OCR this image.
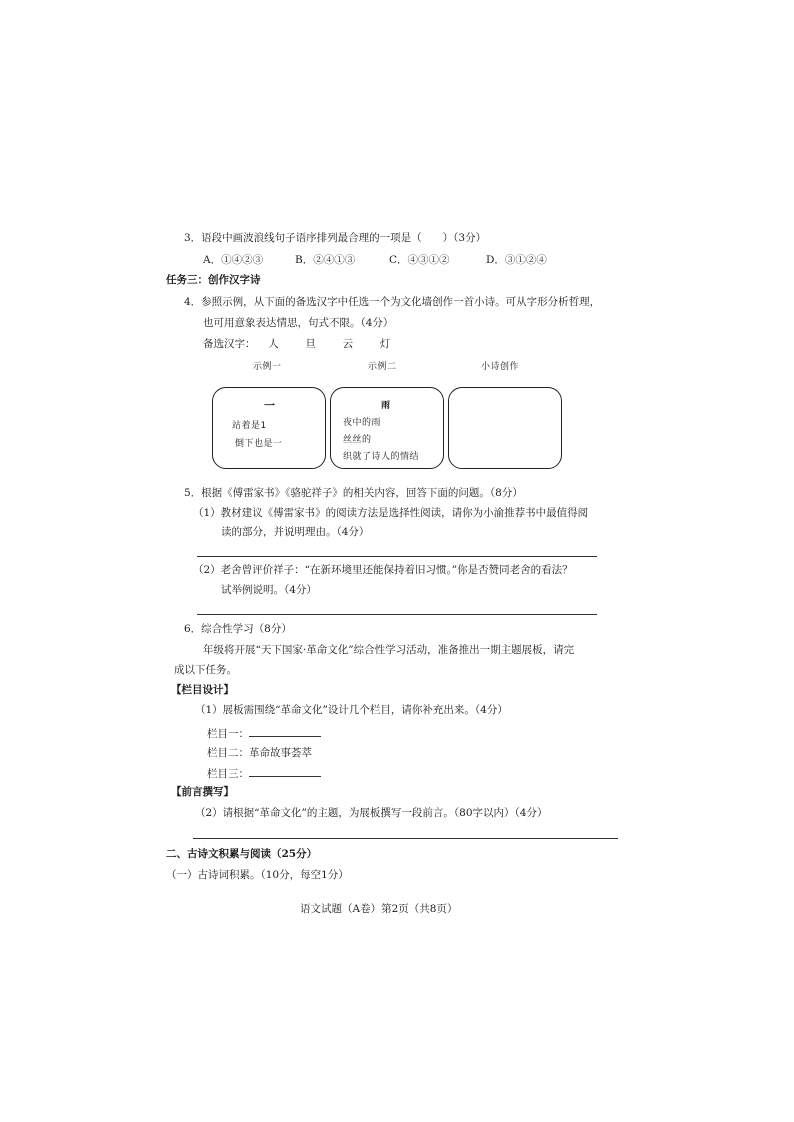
3．语段中画波浪线句子语序排列最合理的一项是（　　）（3分）
A．①④②③	B．②④①③	C．④③①②	D．③①②④
任务三：创作汉字诗
4．参照示例，从下面的备选汉字中任选一个为文化墙创作一首小诗。可从字形分析哲理，
也可用意象表达情思，句式不限。（4分）
备选汉字： 人	旦	云	灯
示例一	示例二	小诗创作
一
站着是1
倒下也是一
雨
夜中的雨
丝丝的
织就了诗人的情结
5．根据《傅雷家书》《骆驼祥子》的相关内容，回答下面的问题。（8分）
（1）教材建议《傅雷家书》的阅读方法是选择性阅读，请你为小渝推荐书中最值得阅
读的部分，并说明理由。（4分）
（2）老舍曾评价祥子：“在新环境里还能保持着旧习惯。”你是否赞同老舍的看法？
试举例说明。（4分）
6．综合性学习（8分）
年级将开展“天下国家·革命文化”综合性学习活动，准备推出一期主题展板，请完
成以下任务。
【栏目设计】
（1）展板需围绕“革命文化”设计几个栏目，请你补充出来。（4分）
栏目一：
栏目二：革命故事荟萃
栏目三：
【前言撰写】
（2）请根据“革命文化”的主题，为展板撰写一段前言。（80字以内）（4分）
二、古诗文积累与阅读（25分）
（一）古诗词积累。（10分，每空1分）
语文试题（A卷）第2页（共8页）
